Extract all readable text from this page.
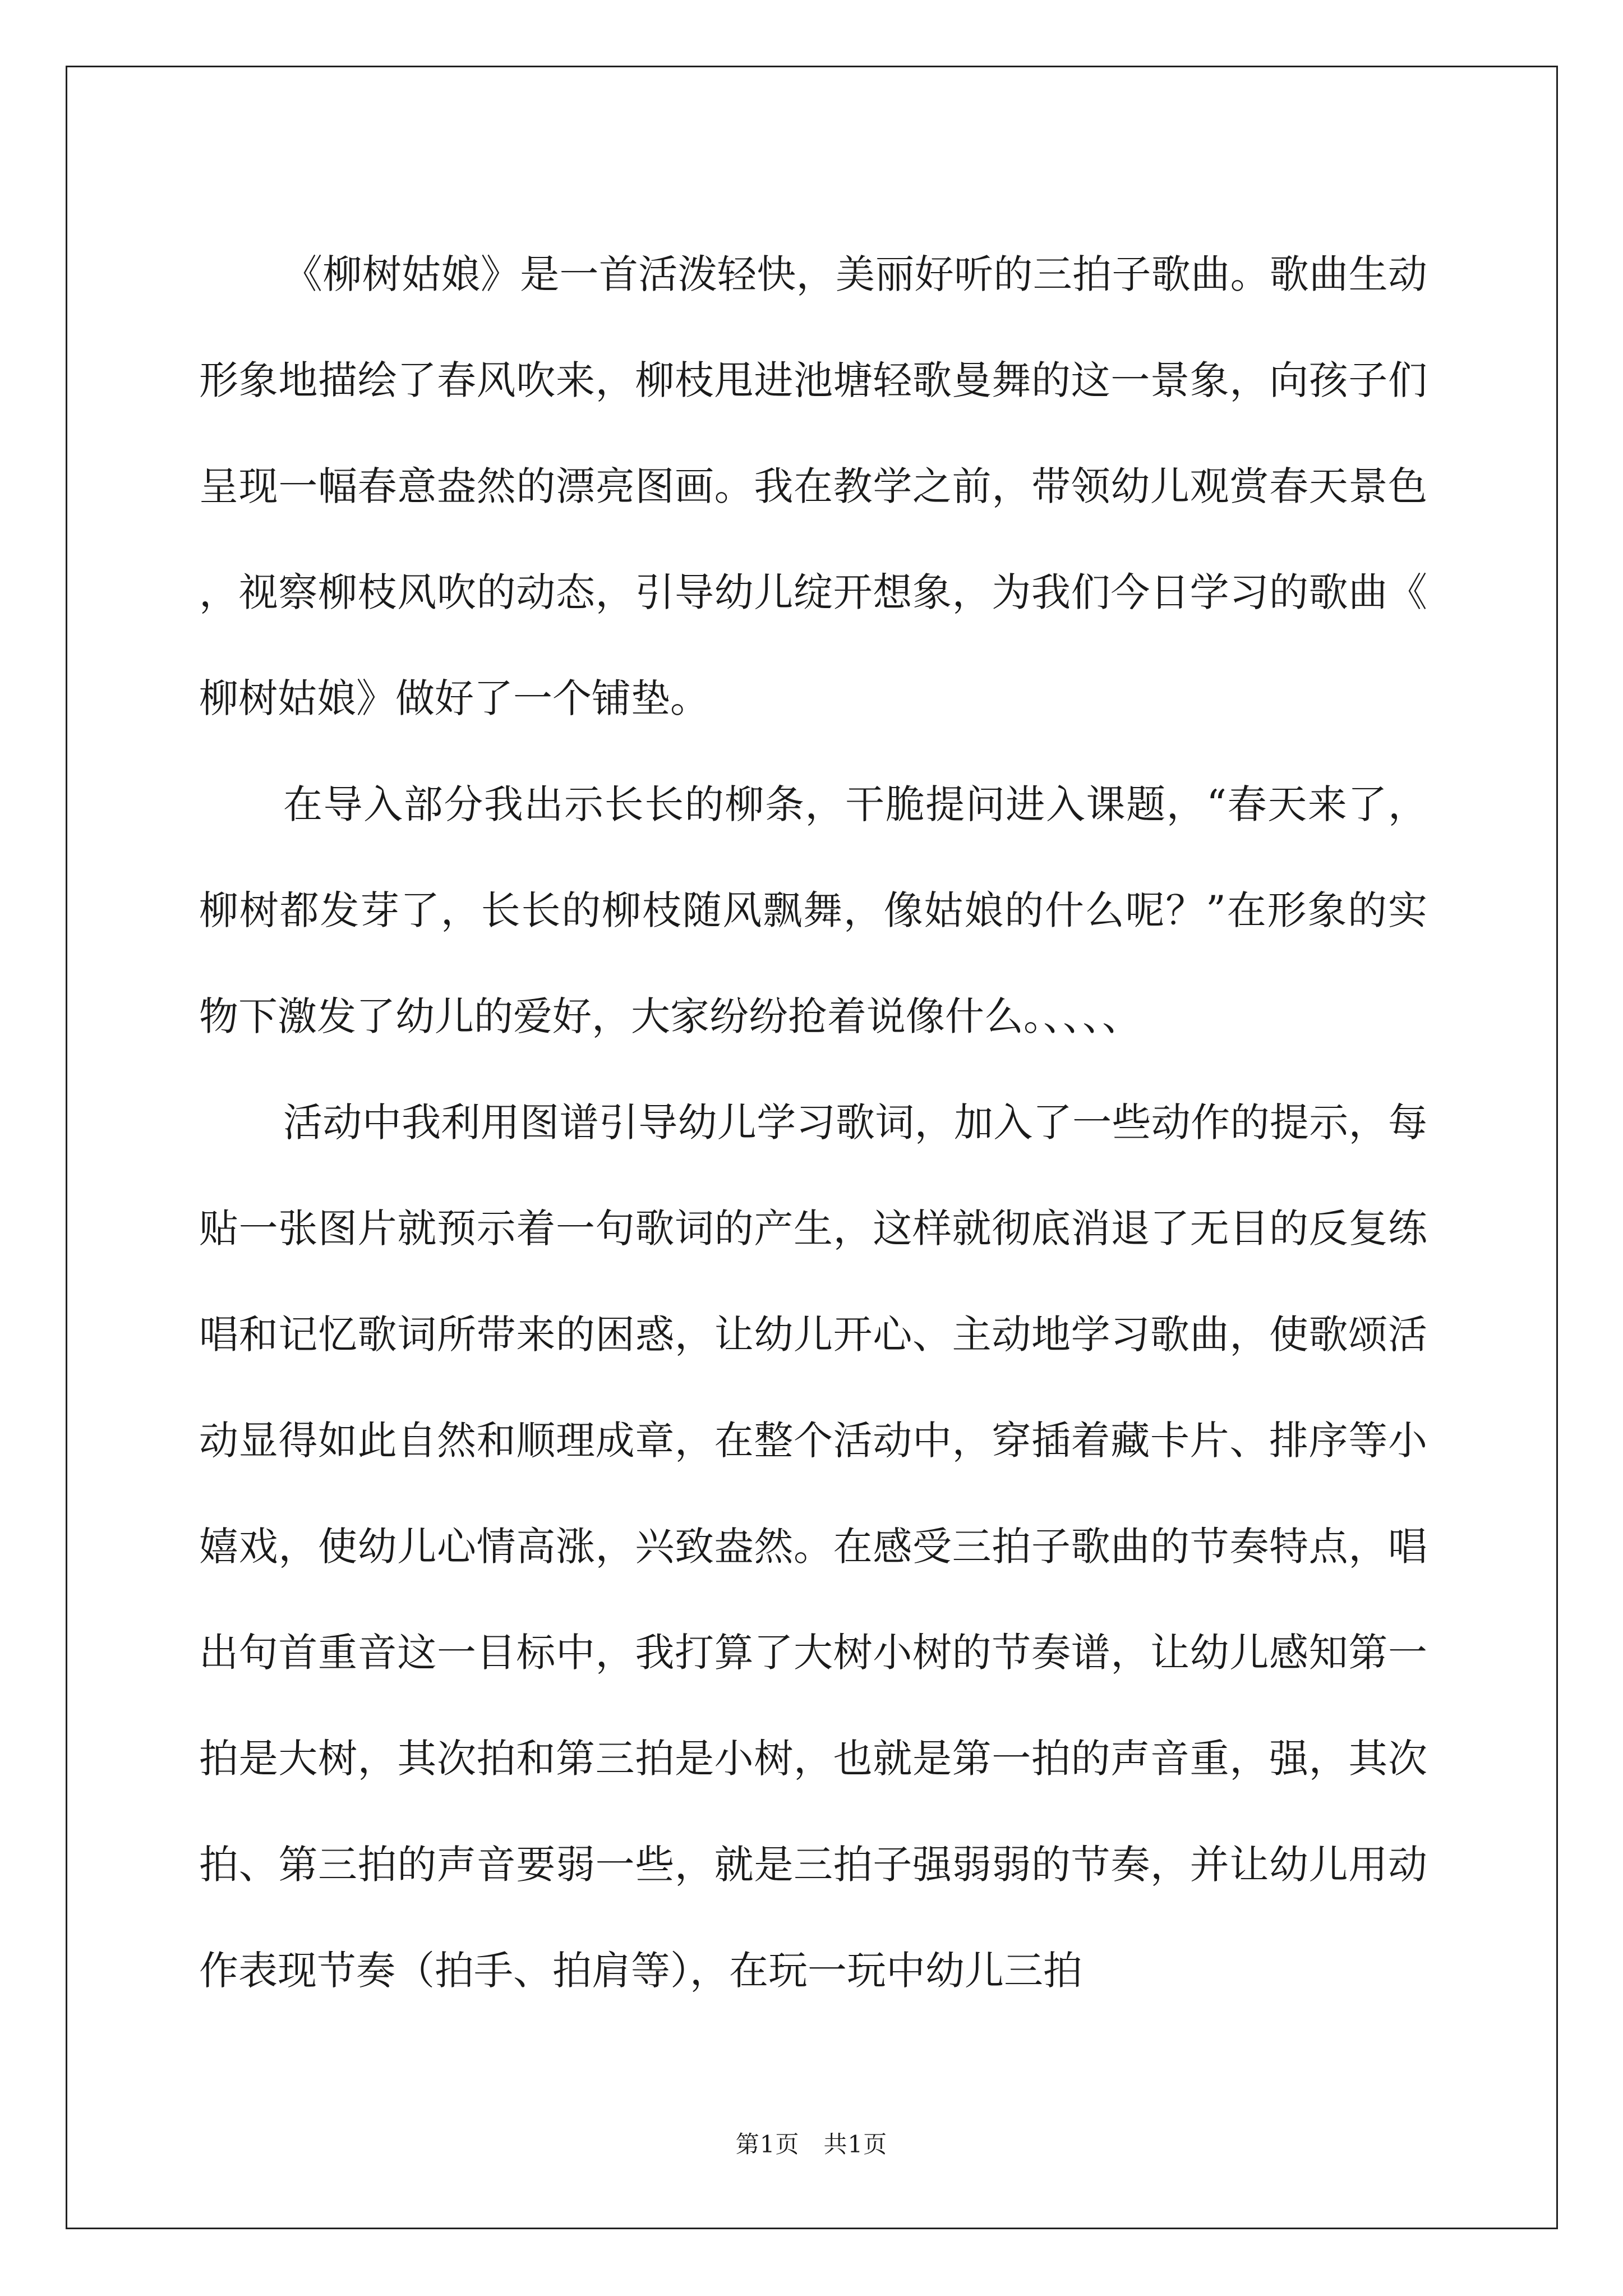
《柳树姑娘》是一首活泼轻快，美丽好听的三拍子歌曲。歌曲生动形象地描绘了春风吹来，柳枝甩进池塘轻歌曼舞的这一景象，向孩子们呈现一幅春意盎然的漂亮图画。我在教学之前，带领幼儿观赏春天景色，视察柳枝风吹的动态，引导幼儿绽开想象，为我们今日学习的歌曲《柳树姑娘》做好了一个铺垫。

在导入部分我出示长长的柳条，干脆提问进入课题，“春天来了，柳树都发芽了，长长的柳枝随风飘舞，像姑娘的什么呢？”在形象的实物下激发了幼儿的爱好，大家纷纷抢着说像什么。、、、、

活动中我利用图谱引导幼儿学习歌词，加入了一些动作的提示，每贴一张图片就预示着一句歌词的产生，这样就彻底消退了无目的反复练唱和记忆歌词所带来的困惑，让幼儿开心、主动地学习歌曲，使歌颂活动显得如此自然和顺理成章，在整个活动中，穿插着藏卡片、排序等小嬉戏，使幼儿心情高涨，兴致盎然。在感受三拍子歌曲的节奏特点，唱出句首重音这一目标中，我打算了大树小树的节奏谱，让幼儿感知第一拍是大树，其次拍和第三拍是小树，也就是第一拍的声音重，强，其次拍、第三拍的声音要弱一些，就是三拍子强弱弱的节奏，并让幼儿用动作表现节奏（拍手、拍肩等），在玩一玩中幼儿三拍

第1页　共1页
